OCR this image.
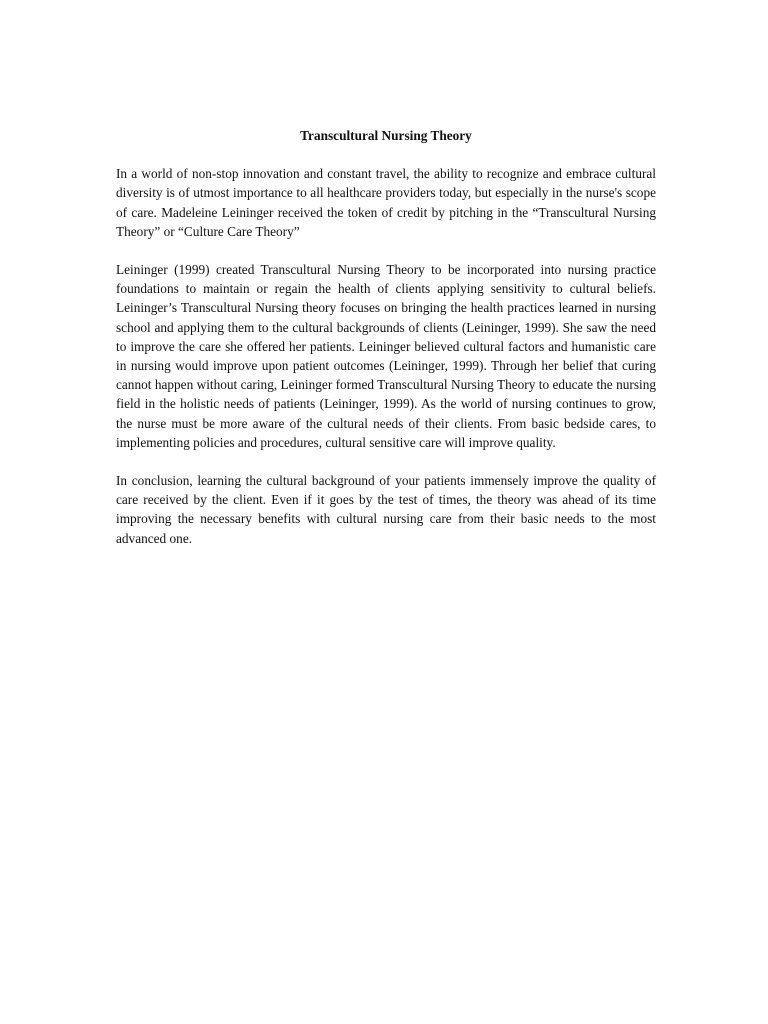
Transcultural Nursing Theory

In a world of non-stop innovation and constant travel, the ability to recognize and embrace cultural diversity is of utmost importance to all healthcare providers today, but especially in the nurse's scope of care. Madeleine Leininger received the token of credit by pitching in the “Transcultural Nursing Theory” or “Culture Care Theory”

Leininger (1999) created Transcultural Nursing Theory to be incorporated into nursing practice foundations to maintain or regain the health of clients applying sensitivity to cultural beliefs. Leininger’s Transcultural Nursing theory focuses on bringing the health practices learned in nursing school and applying them to the cultural backgrounds of clients (Leininger, 1999). She saw the need to improve the care she offered her patients. Leininger believed cultural factors and humanistic care in nursing would improve upon patient outcomes (Leininger, 1999). Through her belief that curing cannot happen without caring, Leininger formed Transcultural Nursing Theory to educate the nursing field in the holistic needs of patients (Leininger, 1999). As the world of nursing continues to grow, the nurse must be more aware of the cultural needs of their clients. From basic bedside cares, to implementing policies and procedures, cultural sensitive care will improve quality.

In conclusion, learning the cultural background of your patients immensely improve the quality of care received by the client. Even if it goes by the test of times, the theory was ahead of its time improving the necessary benefits with cultural nursing care from their basic needs to the most advanced one.
